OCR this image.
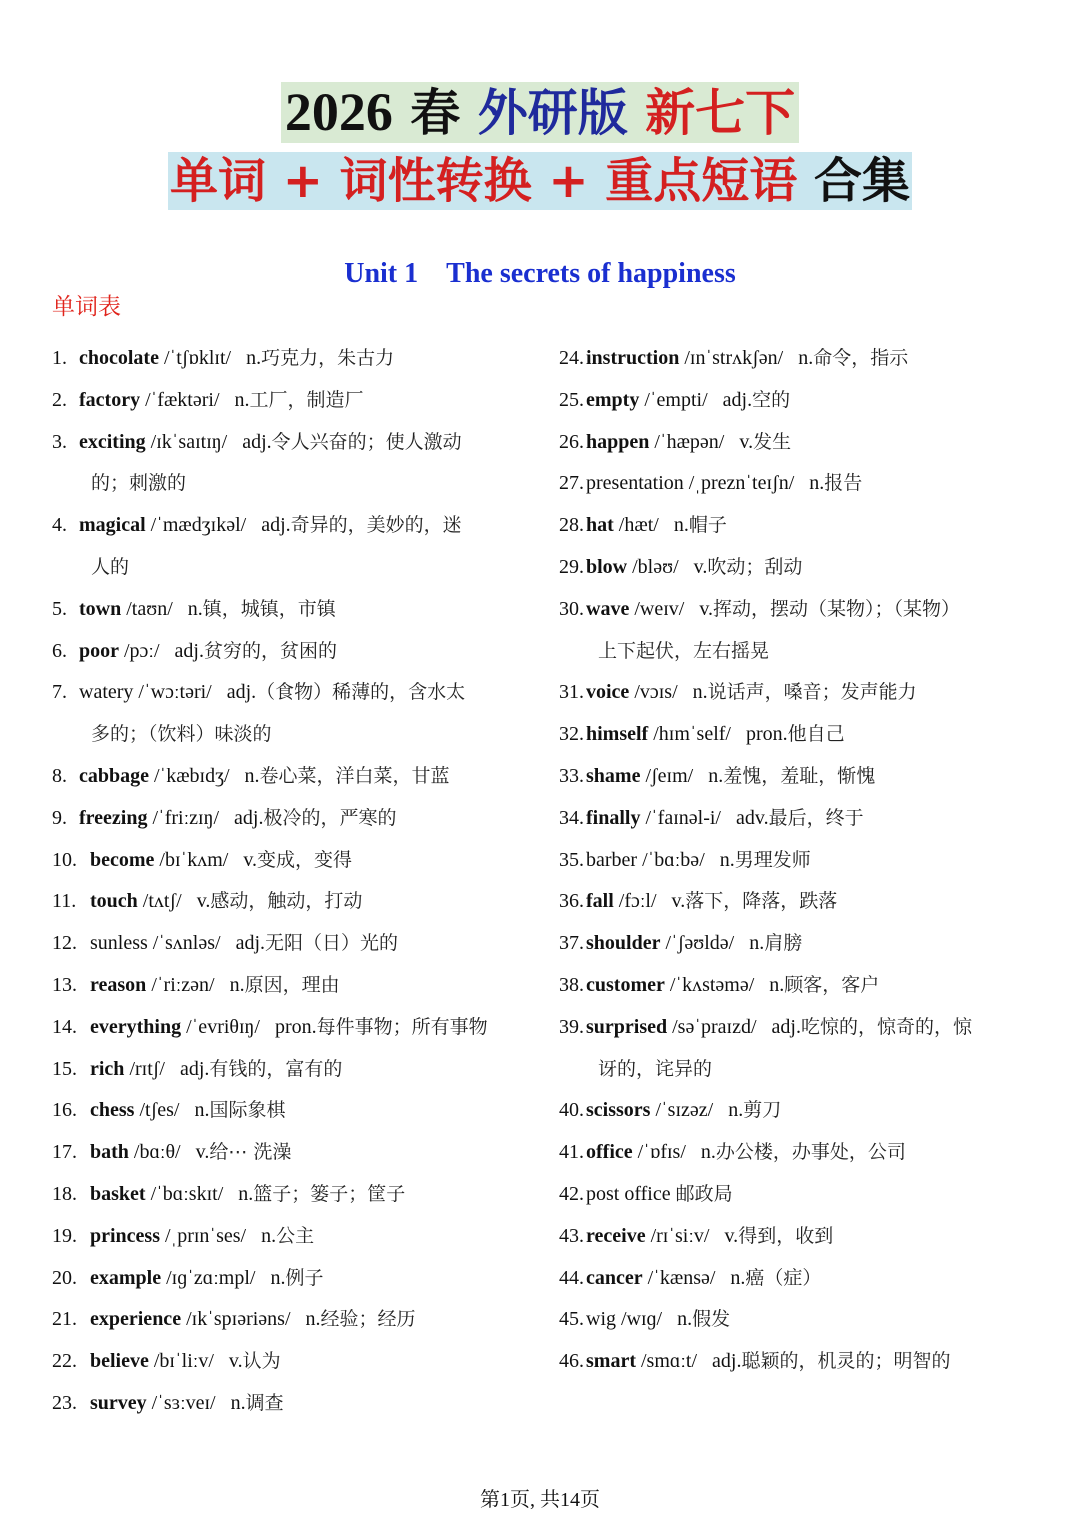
2026 春 外研版 新七下
单词 + 词性转换 + 重点短语 合集
Unit 1 The secrets of happiness
单词表
1. chocolate /ˈtʃɒklɪt/ n.巧克力，朱古力
2. factory /ˈfæktəri/ n.工厂，制造厂
3. exciting /ɪkˈsaɪtɪŋ/ adj.令人兴奋的；使人激动
的；刺激的
4. magical /ˈmædʒɪkəl/ adj.奇异的，美妙的，迷
人的
5. town /taʊn/ n.镇，城镇，市镇
6. poor /pɔː/ adj.贫穷的，贫困的
7. watery /ˈwɔːtəri/ adj.（食物）稀薄的，含水太
多的；（饮料）味淡的
8. cabbage /ˈkæbɪdʒ/ n.卷心菜，洋白菜，甘蓝
9. freezing /ˈfriːzɪŋ/ adj.极冷的，严寒的
10. become /bɪˈkʌm/ v.变成，变得
11. touch /tʌtʃ/ v.感动，触动，打动
12. sunless /ˈsʌnləs/ adj.无阳（日）光的
13. reason /ˈriːzən/ n.原因，理由
14. everything /ˈevriθɪŋ/ pron.每件事物；所有事物
15. rich /rɪtʃ/ adj.有钱的，富有的
16. chess /tʃes/ n.国际象棋
17. bath /bɑːθ/ v.给⋯ 洗澡
18. basket /ˈbɑːskɪt/ n.篮子；篓子；筐子
19. princess /ˌprɪnˈses/ n.公主
20. example /ɪɡˈzɑːmpl/ n.例子
21. experience /ɪkˈspɪəriəns/ n.经验；经历
22. believe /bɪˈliːv/ v.认为
23. survey /ˈsɜːveɪ/ n.调查
24. instruction /ɪnˈstrʌkʃən/ n.命令，指示
25. empty /ˈempti/ adj.空的
26. happen /ˈhæpən/ v.发生
27. presentation /ˌpreznˈteɪʃn/ n.报告
28. hat /hæt/ n.帽子
29. blow /bləʊ/ v.吹动；刮动
30. wave /weɪv/ v.挥动，摆动（某物）；（某物）
上下起伏，左右摇晃
31. voice /vɔɪs/ n.说话声，嗓音；发声能力
32. himself /hɪmˈself/ pron.他自己
33. shame /ʃeɪm/ n.羞愧，羞耻，惭愧
34. finally /ˈfaɪnəl-i/ adv.最后，终于
35. barber /ˈbɑːbə/ n.男理发师
36. fall /fɔːl/ v.落下，降落，跌落
37. shoulder /ˈʃəʊldə/ n.肩膀
38. customer /ˈkʌstəmə/ n.顾客，客户
39. surprised /səˈpraɪzd/ adj.吃惊的，惊奇的，惊
讶的，诧异的
40. scissors /ˈsɪzəz/ n.剪刀
41. office /ˈɒfɪs/ n.办公楼，办事处，公司
42. post office 邮政局
43. receive /rɪˈsiːv/ v.得到，收到
44. cancer /ˈkænsə/ n.癌（症）
45. wig /wɪɡ/ n.假发
46. smart /smɑːt/ adj.聪颖的，机灵的；明智的
第1页, 共14页
